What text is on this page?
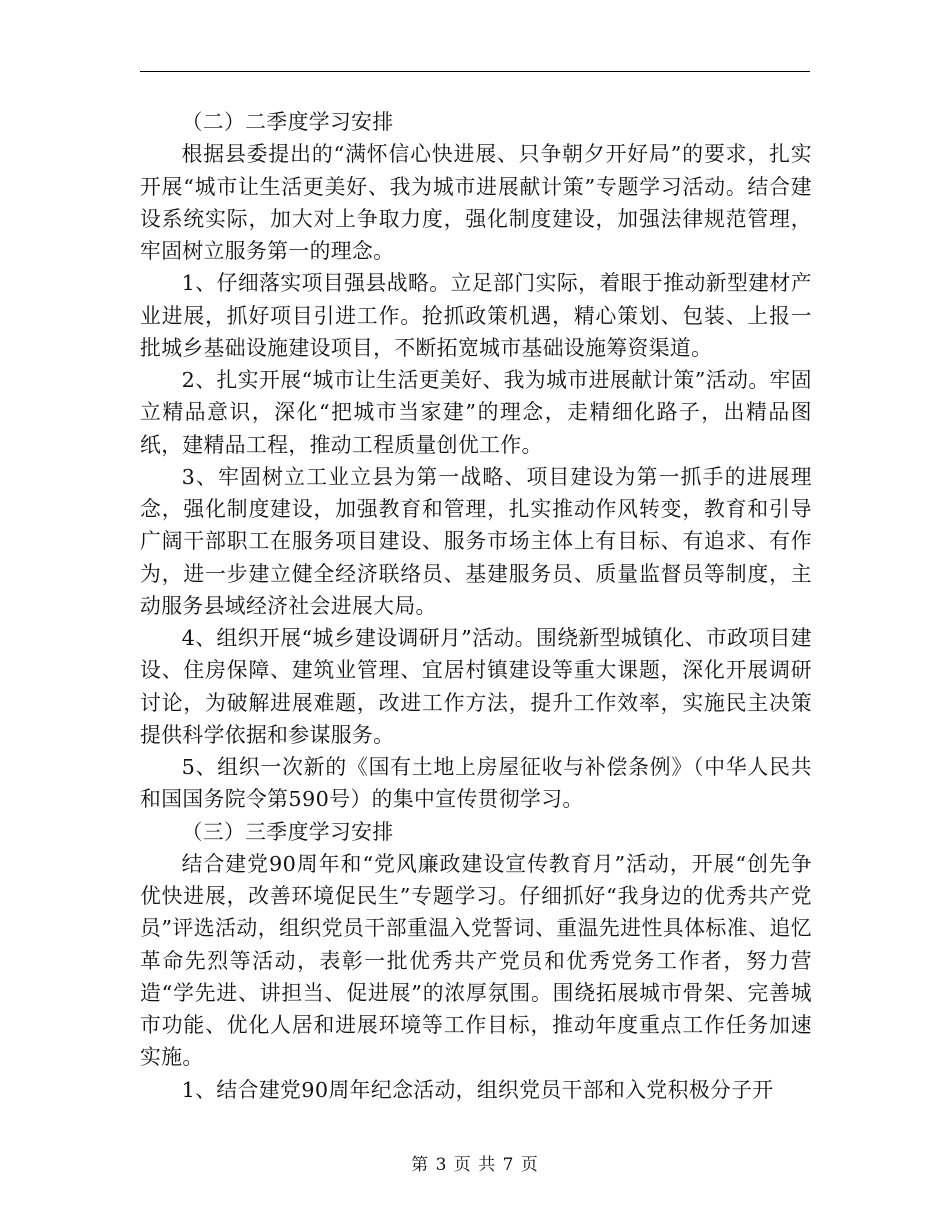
（二）二季度学习安排

根据县委提出的“满怀信心快进展、只争朝夕开好局”的要求，扎实开展“城市让生活更美好、我为城市进展献计策”专题学习活动。结合建设系统实际，加大对上争取力度，强化制度建设，加强法律规范管理，牢固树立服务第一的理念。

1、仔细落实项目强县战略。立足部门实际，着眼于推动新型建材产业进展，抓好项目引进工作。抢抓政策机遇，精心策划、包装、上报一批城乡基础设施建设项目，不断拓宽城市基础设施筹资渠道。

2、扎实开展“城市让生活更美好、我为城市进展献计策”活动。牢固立精品意识，深化“把城市当家建”的理念，走精细化路子，出精品图纸，建精品工程，推动工程质量创优工作。

3、牢固树立工业立县为第一战略、项目建设为第一抓手的进展理念，强化制度建设，加强教育和管理，扎实推动作风转变，教育和引导广阔干部职工在服务项目建设、服务市场主体上有目标、有追求、有作为，进一步建立健全经济联络员、基建服务员、质量监督员等制度，主动服务县域经济社会进展大局。

4、组织开展“城乡建设调研月”活动。围绕新型城镇化、市政项目建设、住房保障、建筑业管理、宜居村镇建设等重大课题，深化开展调研讨论，为破解进展难题，改进工作方法，提升工作效率，实施民主决策提供科学依据和参谋服务。

5、组织一次新的《国有土地上房屋征收与补偿条例》（中华人民共和国国务院令第590号）的集中宣传贯彻学习。

（三）三季度学习安排

结合建党90周年和“党风廉政建设宣传教育月”活动，开展“创先争优快进展，改善环境促民生”专题学习。仔细抓好“我身边的优秀共产党员”评选活动，组织党员干部重温入党誓词、重温先进性具体标准、追忆革命先烈等活动，表彰一批优秀共产党员和优秀党务工作者，努力营造“学先进、讲担当、促进展”的浓厚氛围。围绕拓展城市骨架、完善城市功能、优化人居和进展环境等工作目标，推动年度重点工作任务加速实施。

1、结合建党90周年纪念活动，组织党员干部和入党积极分子开

第 3 页 共 7 页
